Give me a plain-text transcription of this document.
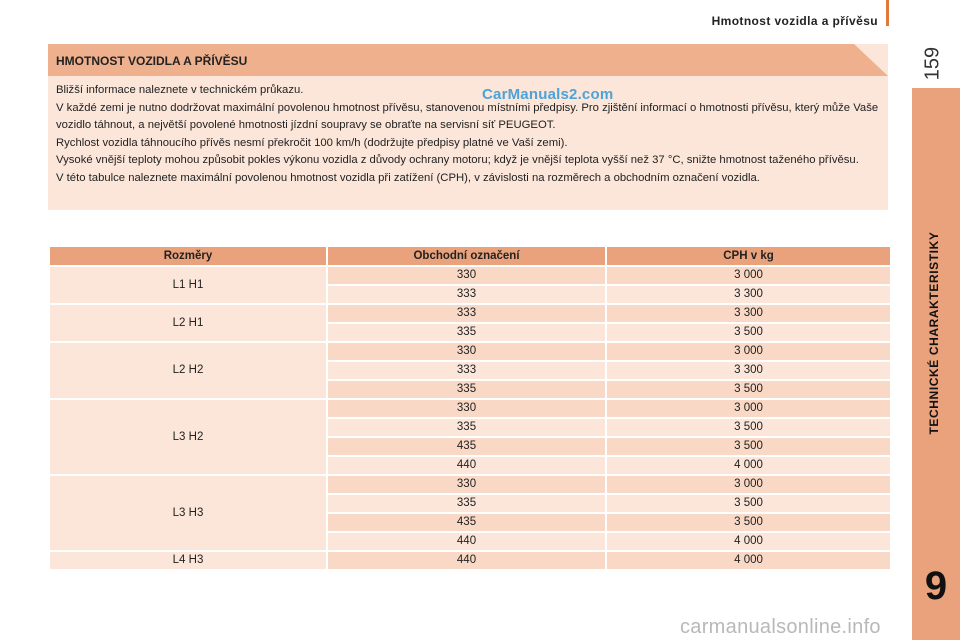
Hmotnost vozidla a přívěsu
159
TECHNICKÉ CHARAKTERISTIKY
9
HMOTNOST VOZIDLA A PŘÍVĚSU

Bližší informace naleznete v technickém průkazu.

V každé zemi je nutno dodržovat maximální povolenou hmotnost přívěsu, stanovenou místními předpisy. Pro zjištění informací o hmotnosti přívěsu, který může Vaše vozidlo táhnout, a největší povolené hmotnosti jízdní soupravy se obraťte na servisní síť PEUGEOT.

Rychlost vozidla táhnoucího přívěs nesmí překročit 100 km/h (dodržujte předpisy platné ve Vaší zemi).

Vysoké vnější teploty mohou způsobit pokles výkonu vozidla z důvody ochrany motoru; když je vnější teplota vyšší než 37 °C, snižte hmotnost taženého přívěsu.

V této tabulce naleznete maximální povolenou hmotnost vozidla při zatížení (CPH), v závislosti na rozměrech a obchodním označení vozidla.

CarManuals2.com
Rozměry	Obchodní označení	CPH v kg
L1 H1	330	3 000
	333	3 300
L2 H1	333	3 300
	335	3 500
L2 H2	330	3 000
	333	3 300
	335	3 500
L3 H2	330	3 000
	335	3 500
	435	3 500
	440	4 000
L3 H3	330	3 000
	335	3 500
	435	3 500
	440	4 000
L4 H3	440	4 000
carmanualsonline.info
